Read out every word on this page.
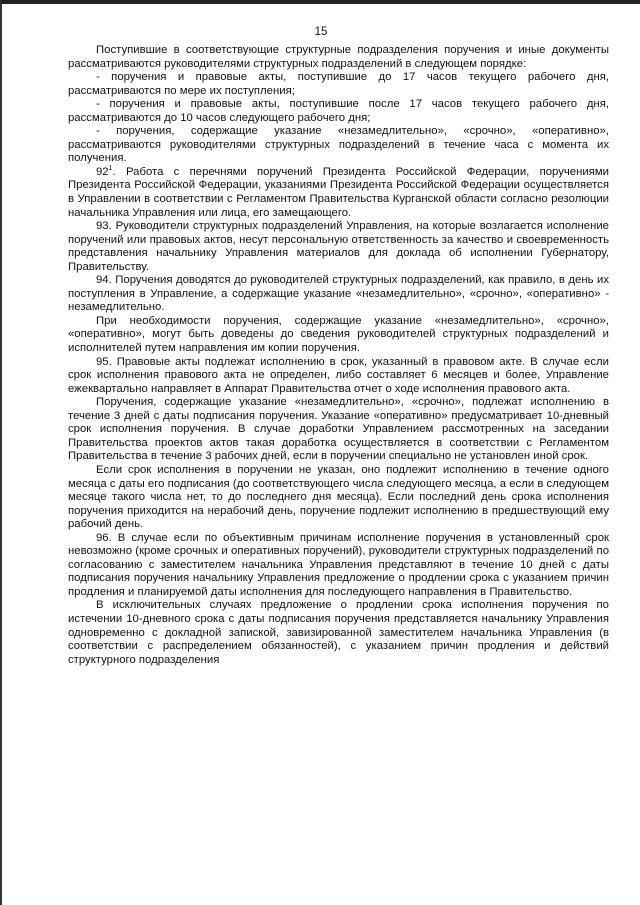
15

Поступившие в соответствующие структурные подразделения поручения и иные документы рассматриваются руководителями структурных подразделений в следующем порядке:

- поручения и правовые акты, поступившие до 17 часов текущего рабочего дня, рассматриваются по мере их поступления;

- поручения и правовые акты, поступившие после 17 часов текущего рабочего дня, рассматриваются до 10 часов следующего рабочего дня;

- поручения, содержащие указание «незамедлительно», «срочно», «оперативно», рассматриваются руководителями структурных подразделений в течение часа с момента их получения.

$92^1$. Работа с перечнями поручений Президента Российской Федерации, поручениями Президента Российской Федерации, указаниями Президента Российской Федерации осуществляется в Управлении в соответствии с Регламентом Правительства Курганской области согласно резолюции начальника Управления или лица, его замещающего.

93. Руководители структурных подразделений Управления, на которые возлагается исполнение поручений или правовых актов, несут персональную ответственность за качество и своевременность представления начальнику Управления материалов для доклада об исполнении Губернатору, Правительству.

94. Поручения доводятся до руководителей структурных подразделений, как правило, в день их поступления в Управление, а содержащие указание «незамедлительно», «срочно», «оперативно» - незамедлительно.

При необходимости поручения, содержащие указание «незамедлительно», «срочно», «оперативно», могут быть доведены до сведения руководителей структурных подразделений и исполнителей путем направления им копии поручения.

95. Правовые акты подлежат исполнению в срок, указанный в правовом акте. В случае если срок исполнения правового акта не определен, либо составляет 6 месяцев и более, Управление ежеквартально направляет в Аппарат Правительства отчет о ходе исполнения правового акта.

Поручения, содержащие указание «незамедлительно», «срочно», подлежат исполнению в течение 3 дней с даты подписания поручения. Указание «оперативно» предусматривает 10-дневный срок исполнения поручения. В случае доработки Управлением рассмотренных на заседании Правительства проектов актов такая доработка осуществляется в соответствии с Регламентом Правительства в течение 3 рабочих дней, если в поручении специально не установлен иной срок.

Если срок исполнения в поручении не указан, оно подлежит исполнению в течение одного месяца с даты его подписания (до соответствующего числа следующего месяца, а если в следующем месяце такого числа нет, то до последнего дня месяца). Если последний день срока исполнения поручения приходится на нерабочий день, поручение подлежит исполнению в предшествующий ему рабочий день.

96. В случае если по объективным причинам исполнение поручения в установленный срок невозможно (кроме срочных и оперативных поручений), руководители структурных подразделений по согласованию с заместителем начальника Управления представляют в течение 10 дней с даты подписания поручения начальнику Управления предложение о продлении срока с указанием причин продления и планируемой даты исполнения для последующего направления в Правительство.

В исключительных случаях предложение о продлении срока исполнения поручения по истечении 10-дневного срока с даты подписания поручения представляется начальнику Управления одновременно с докладной запиской, завизированной заместителем начальника Управления (в соответствии с распределением обязанностей), с указанием причин продления и действий структурного подразделения
